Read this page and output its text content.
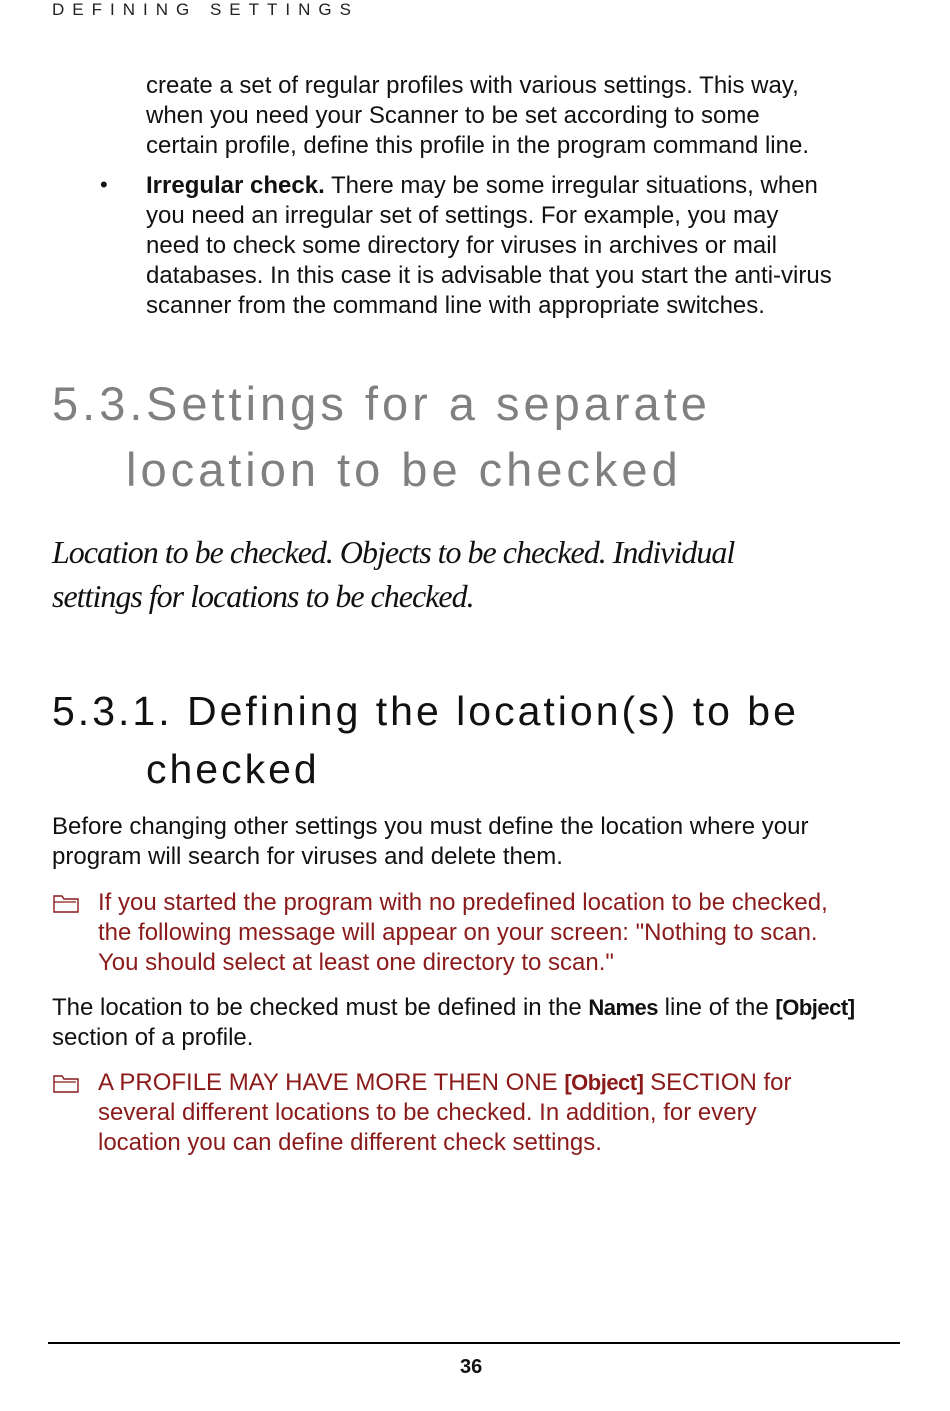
DEFINING SETTINGS
create a set of regular profiles with various settings. This way,
when you need your Scanner to be set according to some
certain profile, define this profile in the program command line.
• Irregular check. There may be some irregular situations, when
you need an irregular set of settings. For example, you may
need to check some directory for viruses in archives or mail
databases. In this case it is advisable that you start the anti-virus
scanner from the command line with appropriate switches.
5.3. Settings for a separate
location to be checked
Location to be checked. Objects to be checked. Individual
settings for locations to be checked.
5.3.1. Defining the location(s) to be
checked
Before changing other settings you must define the location where your
program will search for viruses and delete them.
If you started the program with no predefined location to be checked,
the following message will appear on your screen: "Nothing to scan.
You should select at least one directory to scan."
The location to be checked must be defined in the Names line of the [Object]
section of a profile.
A PROFILE MAY HAVE MORE THEN ONE [Object] SECTION for
several different locations to be checked. In addition, for every
location you can define different check settings.
36
